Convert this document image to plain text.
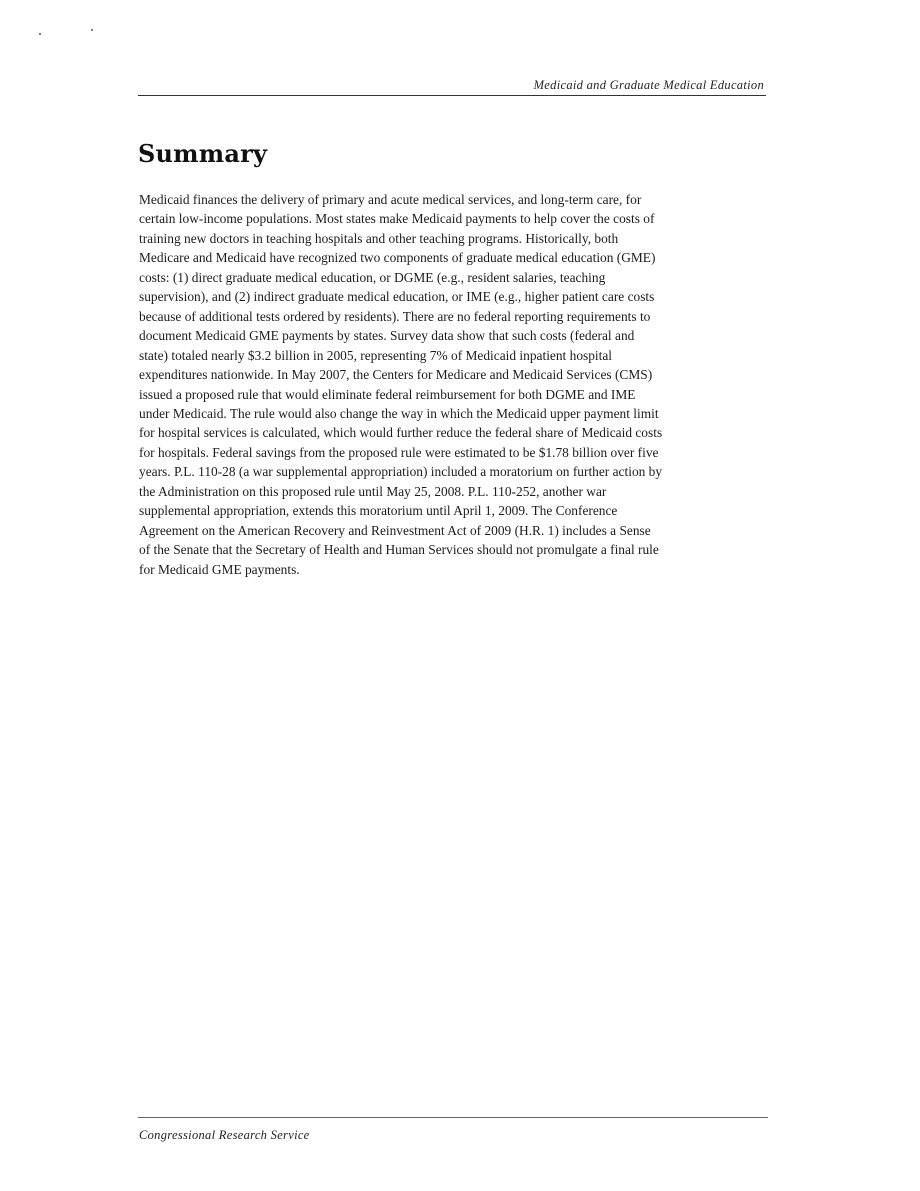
Medicaid and Graduate Medical Education
Summary

Medicaid finances the delivery of primary and acute medical services, and long-term care, for
certain low-income populations. Most states make Medicaid payments to help cover the costs of
training new doctors in teaching hospitals and other teaching programs. Historically, both
Medicare and Medicaid have recognized two components of graduate medical education (GME)
costs: (1) direct graduate medical education, or DGME (e.g., resident salaries, teaching
supervision), and (2) indirect graduate medical education, or IME (e.g., higher patient care costs
because of additional tests ordered by residents). There are no federal reporting requirements to
document Medicaid GME payments by states. Survey data show that such costs (federal and
state) totaled nearly $3.2 billion in 2005, representing 7% of Medicaid inpatient hospital
expenditures nationwide. In May 2007, the Centers for Medicare and Medicaid Services (CMS)
issued a proposed rule that would eliminate federal reimbursement for both DGME and IME
under Medicaid. The rule would also change the way in which the Medicaid upper payment limit
for hospital services is calculated, which would further reduce the federal share of Medicaid costs
for hospitals. Federal savings from the proposed rule were estimated to be $1.78 billion over five
years. P.L. 110-28 (a war supplemental appropriation) included a moratorium on further action by
the Administration on this proposed rule until May 25, 2008. P.L. 110-252, another war
supplemental appropriation, extends this moratorium until April 1, 2009. The Conference
Agreement on the American Recovery and Reinvestment Act of 2009 (H.R. 1) includes a Sense
of the Senate that the Secretary of Health and Human Services should not promulgate a final rule
for Medicaid GME payments.

Congressional Research Service
